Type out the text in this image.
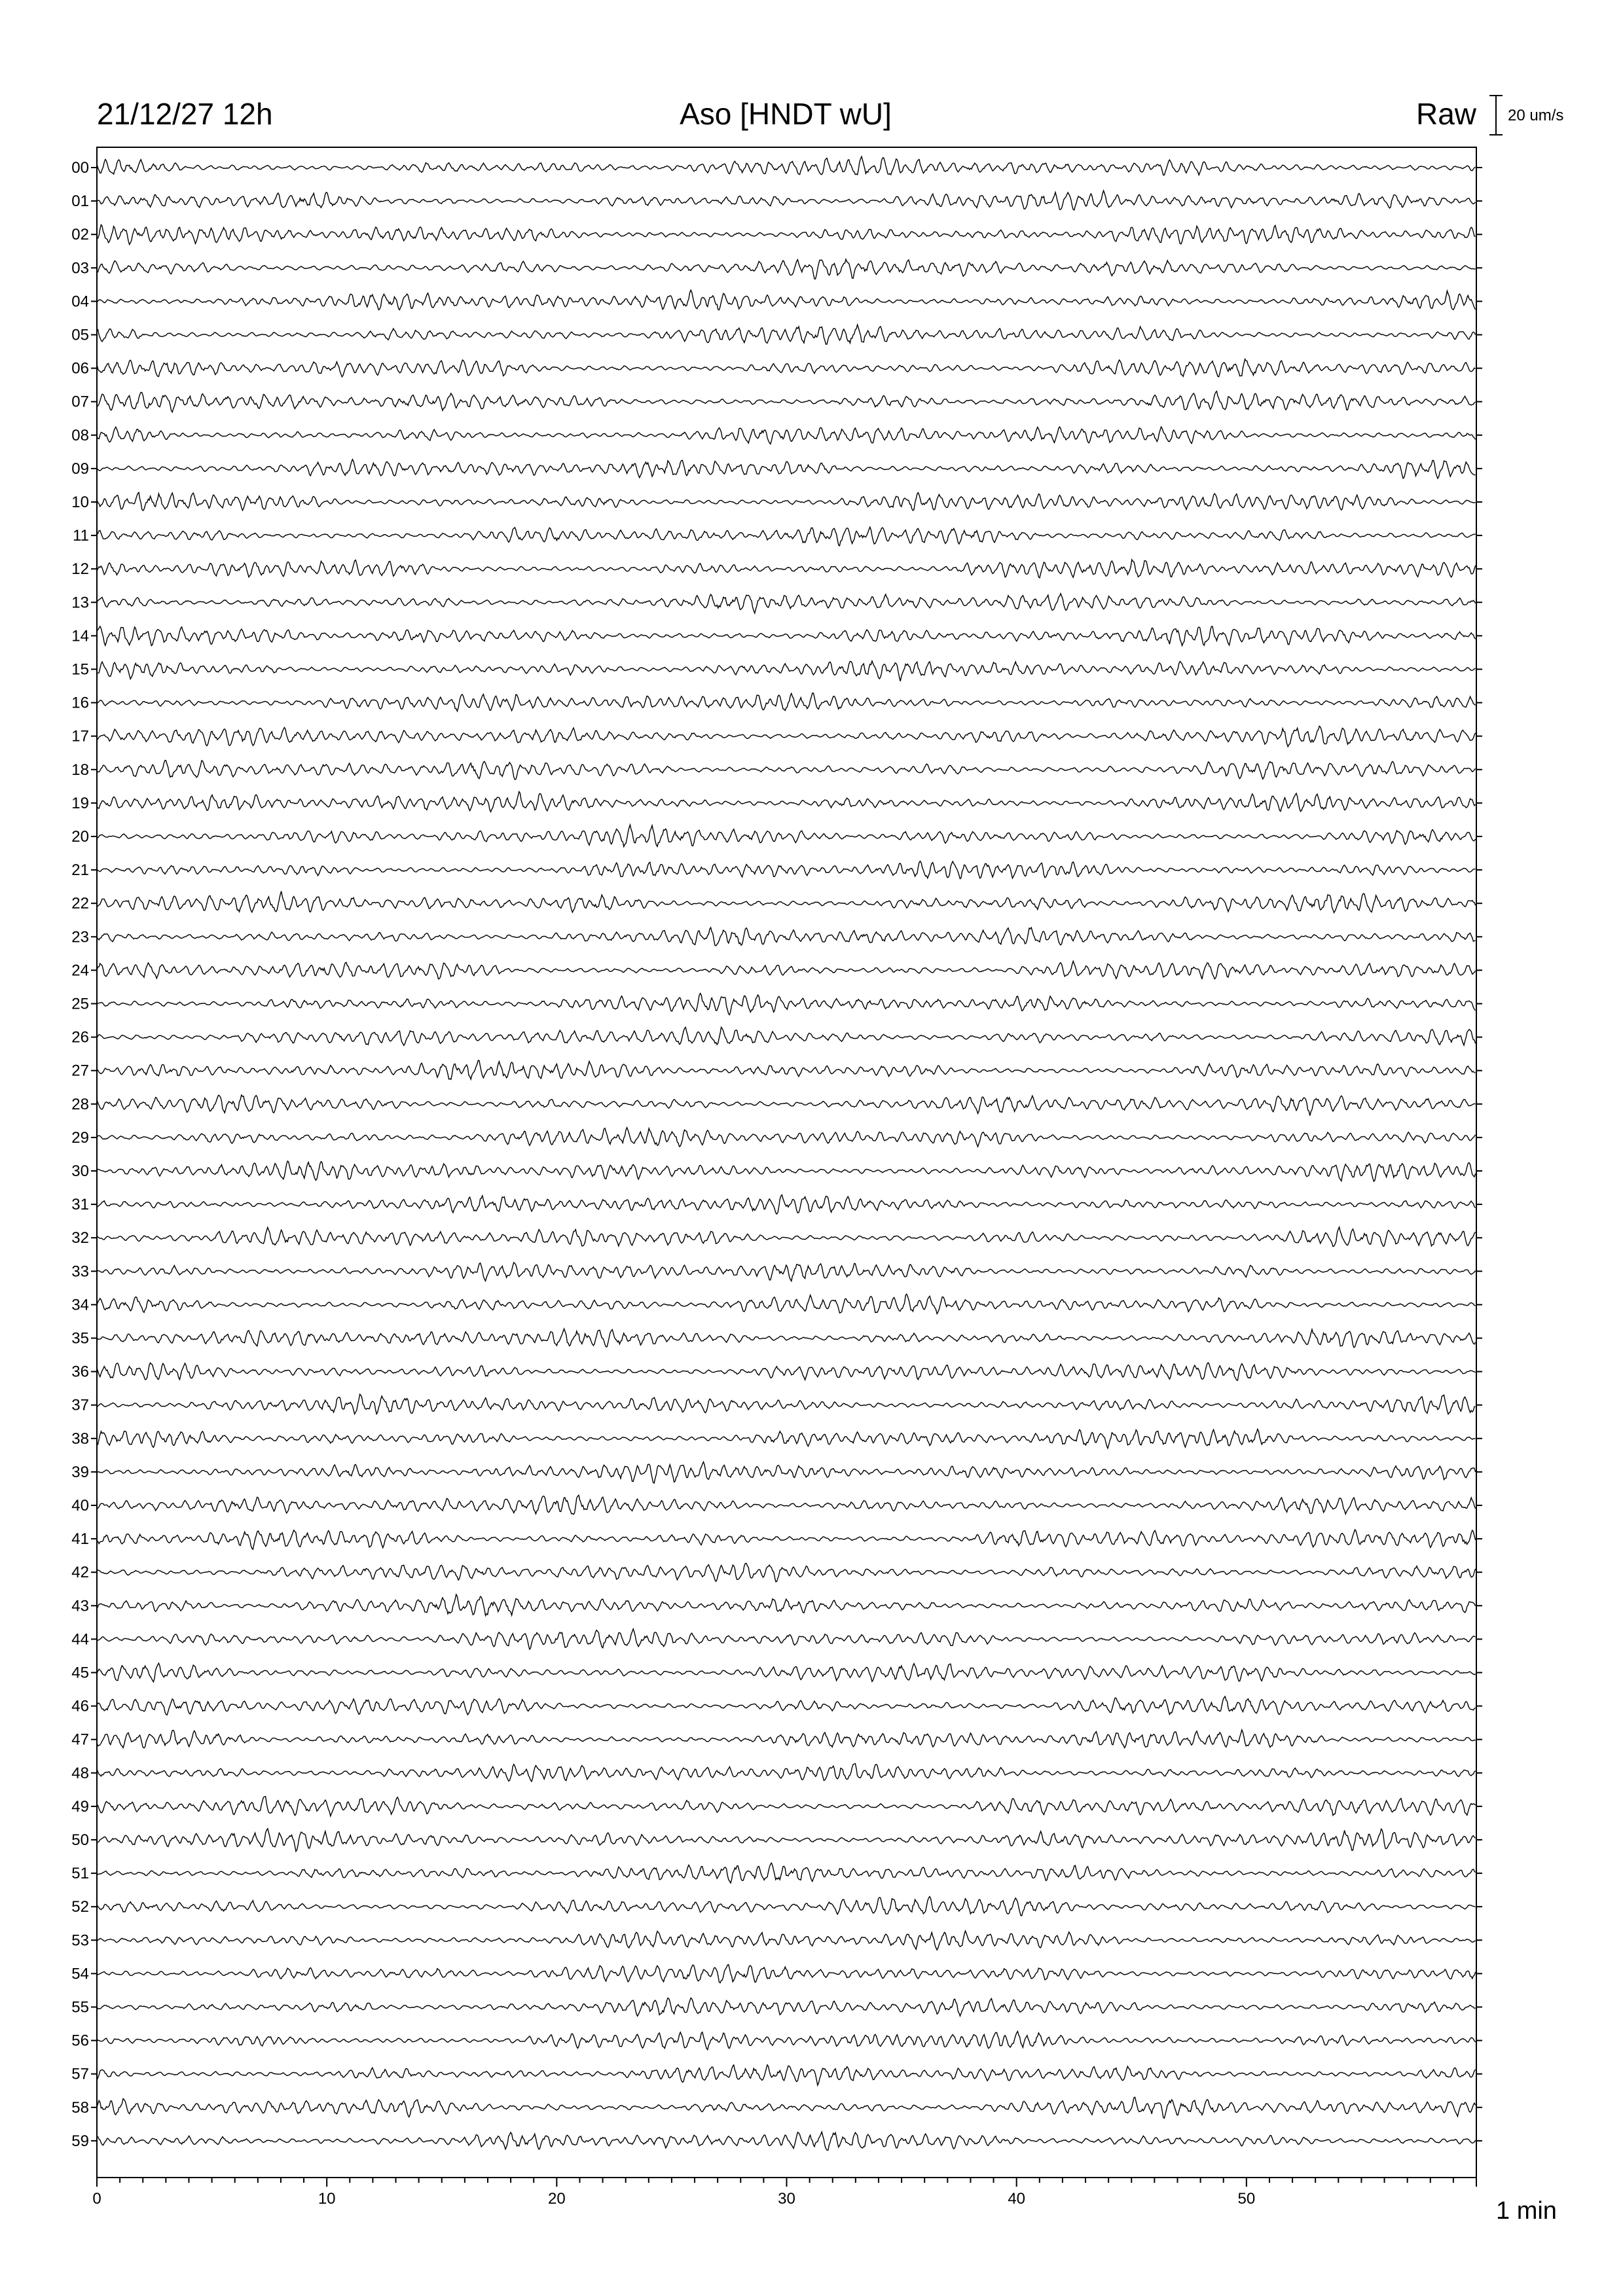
21/12/27 12h	Aso [HNDT wU]	Raw 20 um/s
00
01
02
03
04
05
06
07
08
09
10
11
12
13
14
15
16
17
18
19
20
21
22
23
24
25
26
27
28
29
30
31
32
33
34
35
36
37
38
39
40
41
42
43
44
45
46
47
48
49
50
51
52
53
54
55
56
57
58
59
0	10	20	30	40	50	1 min
